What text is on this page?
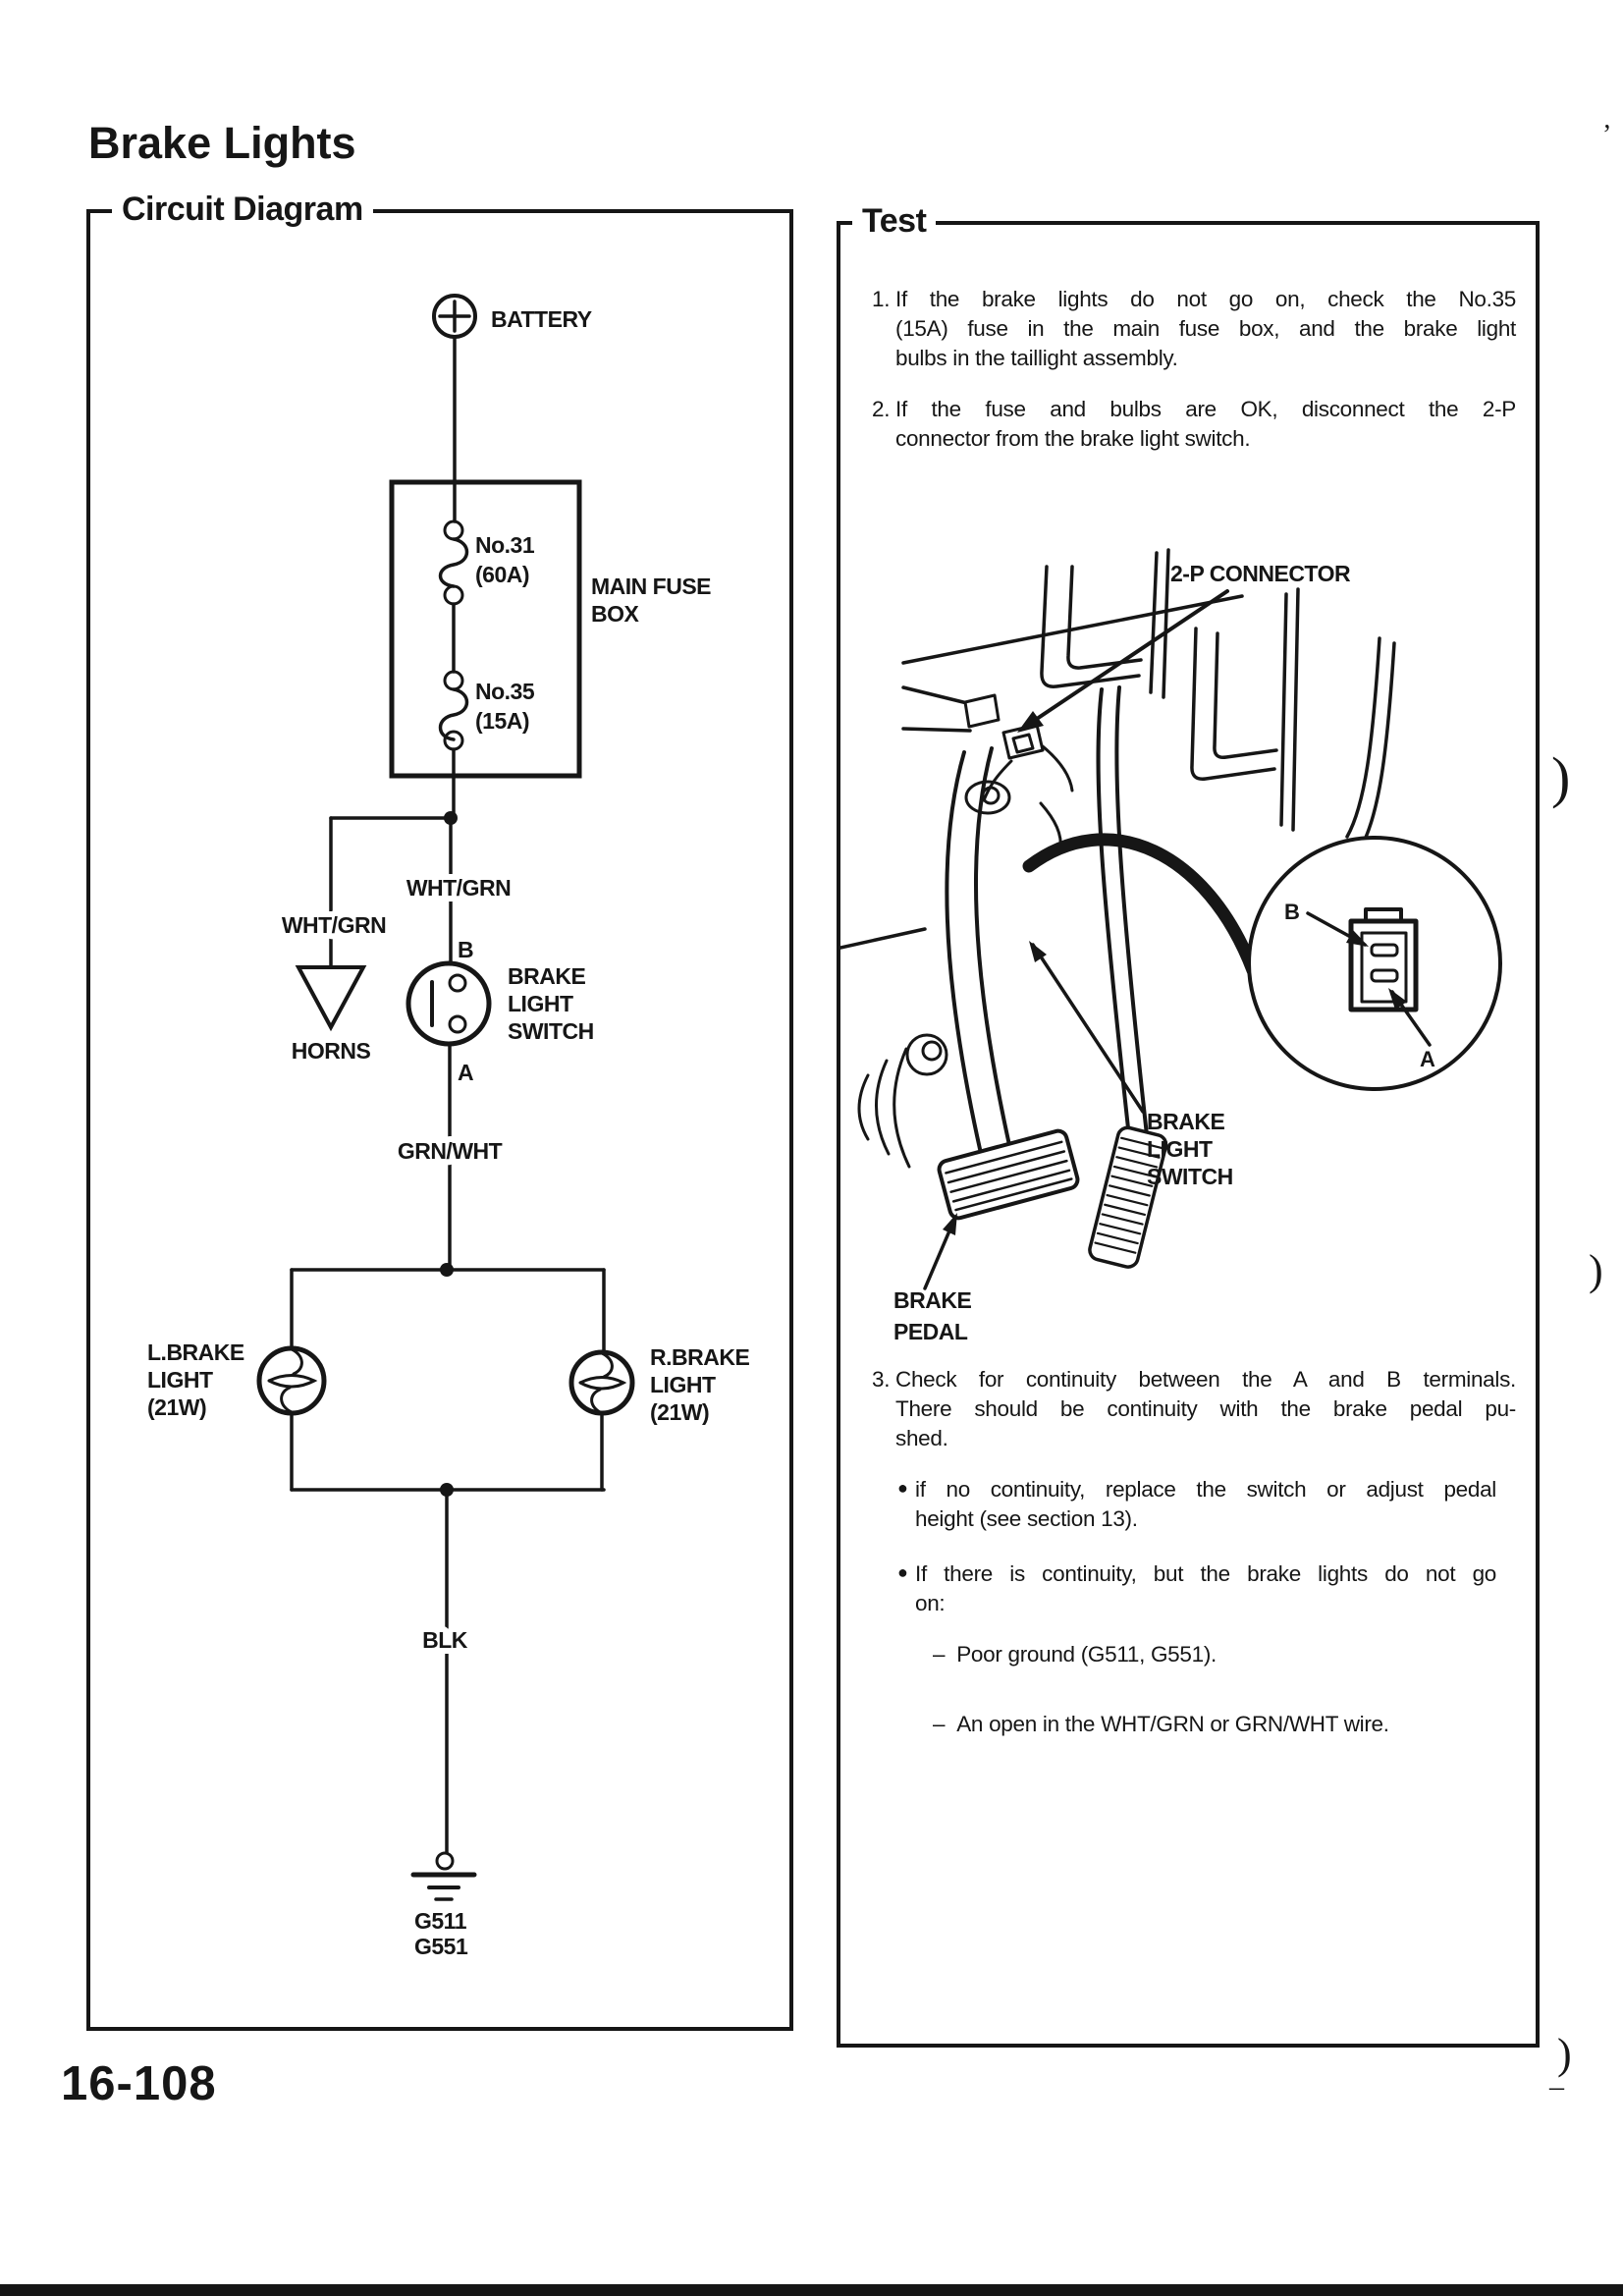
Brake Lights
Circuit Diagram
BATTERY
No.31
(60A)
No.35
(15A)
MAIN FUSE
BOX
WHT/GRN
WHT/GRN
GRN/WHT
BLK
HORNS
B
A
BRAKE
LIGHT
SWITCH
L.BRAKE
LIGHT
(21W)
R.BRAKE
LIGHT
(21W)
G511
G551
Test
1. If the brake lights do not go on, check the No.35
(15A) fuse in the main fuse box, and the brake light
bulbs in the taillight assembly.
2. If the fuse and bulbs are OK, disconnect the 2-P
connector from the brake light switch.
B
A
2-P CONNECTOR
BRAKE
LIGHT
SWITCH
BRAKE
PEDAL
3. Check for continuity between the A and B terminals.
There should be continuity with the brake pedal pu-
shed.
● if no continuity, replace the switch or adjust pedal
height (see section 13).
● If there is continuity, but the brake lights do not go
on:
– Poor ground (G511, G551).
– An open in the WHT/GRN or GRN/WHT wire.
16-108
’
)
)
)
–
